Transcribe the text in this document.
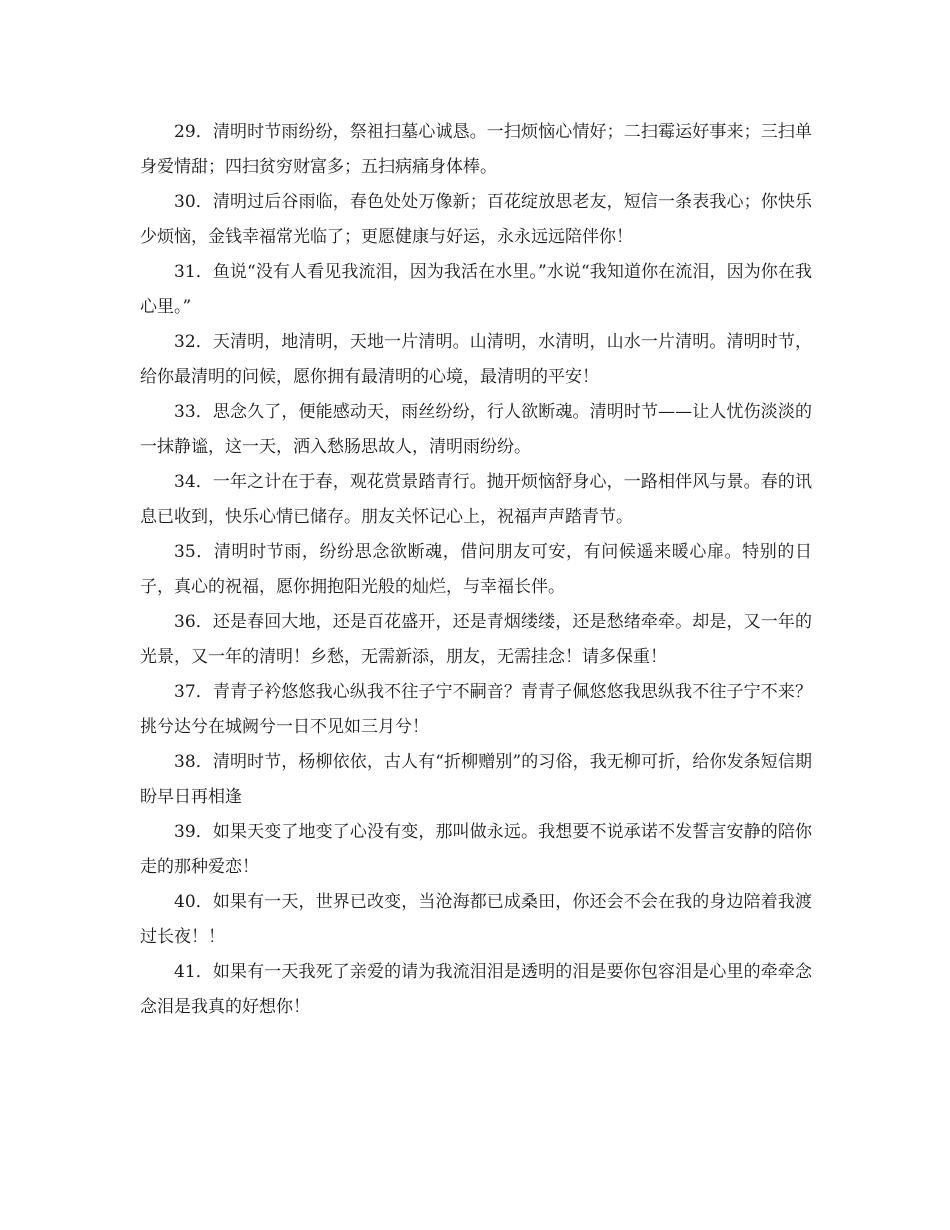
29．清明时节雨纷纷，祭祖扫墓心诚恳。一扫烦恼心情好；二扫霉运好事来；三扫单身爱情甜；四扫贫穷财富多；五扫病痛身体棒。

30．清明过后谷雨临，春色处处万像新；百花绽放思老友，短信一条表我心；你快乐少烦恼，金钱幸福常光临了；更愿健康与好运，永永远远陪伴你！

31．鱼说“没有人看见我流泪，因为我活在水里。”水说“我知道你在流泪，因为你在我心里。”

32．天清明，地清明，天地一片清明。山清明，水清明，山水一片清明。清明时节，给你最清明的问候，愿你拥有最清明的心境，最清明的平安！

33．思念久了，便能感动天，雨丝纷纷，行人欲断魂。清明时节——让人忧伤淡淡的一抹静谧，这一天，洒入愁肠思故人，清明雨纷纷。

34．一年之计在于春，观花赏景踏青行。抛开烦恼舒身心，一路相伴风与景。春的讯息已收到，快乐心情已储存。朋友关怀记心上，祝福声声踏青节。

35．清明时节雨，纷纷思念欲断魂，借问朋友可安，有问候遥来暖心扉。特别的日子，真心的祝福，愿你拥抱阳光般的灿烂，与幸福长伴。

36．还是春回大地，还是百花盛开，还是青烟缕缕，还是愁绪牵牵。却是，又一年的光景，又一年的清明！乡愁，无需新添，朋友，无需挂念！请多保重！

37．青青子衿悠悠我心纵我不往子宁不嗣音？青青子佩悠悠我思纵我不往子宁不来？挑兮达兮在城阙兮一日不见如三月兮！

38．清明时节，杨柳依依，古人有“折柳赠别”的习俗，我无柳可折，给你发条短信期盼早日再相逢

39．如果天变了地变了心没有变，那叫做永远。我想要不说承诺不发誓言安静的陪你走的那种爱恋！

40．如果有一天，世界已改变，当沧海都已成桑田，你还会不会在我的身边陪着我渡过长夜！！

41．如果有一天我死了亲爱的请为我流泪泪是透明的泪是要你包容泪是心里的牵牵念念泪是我真的好想你！
